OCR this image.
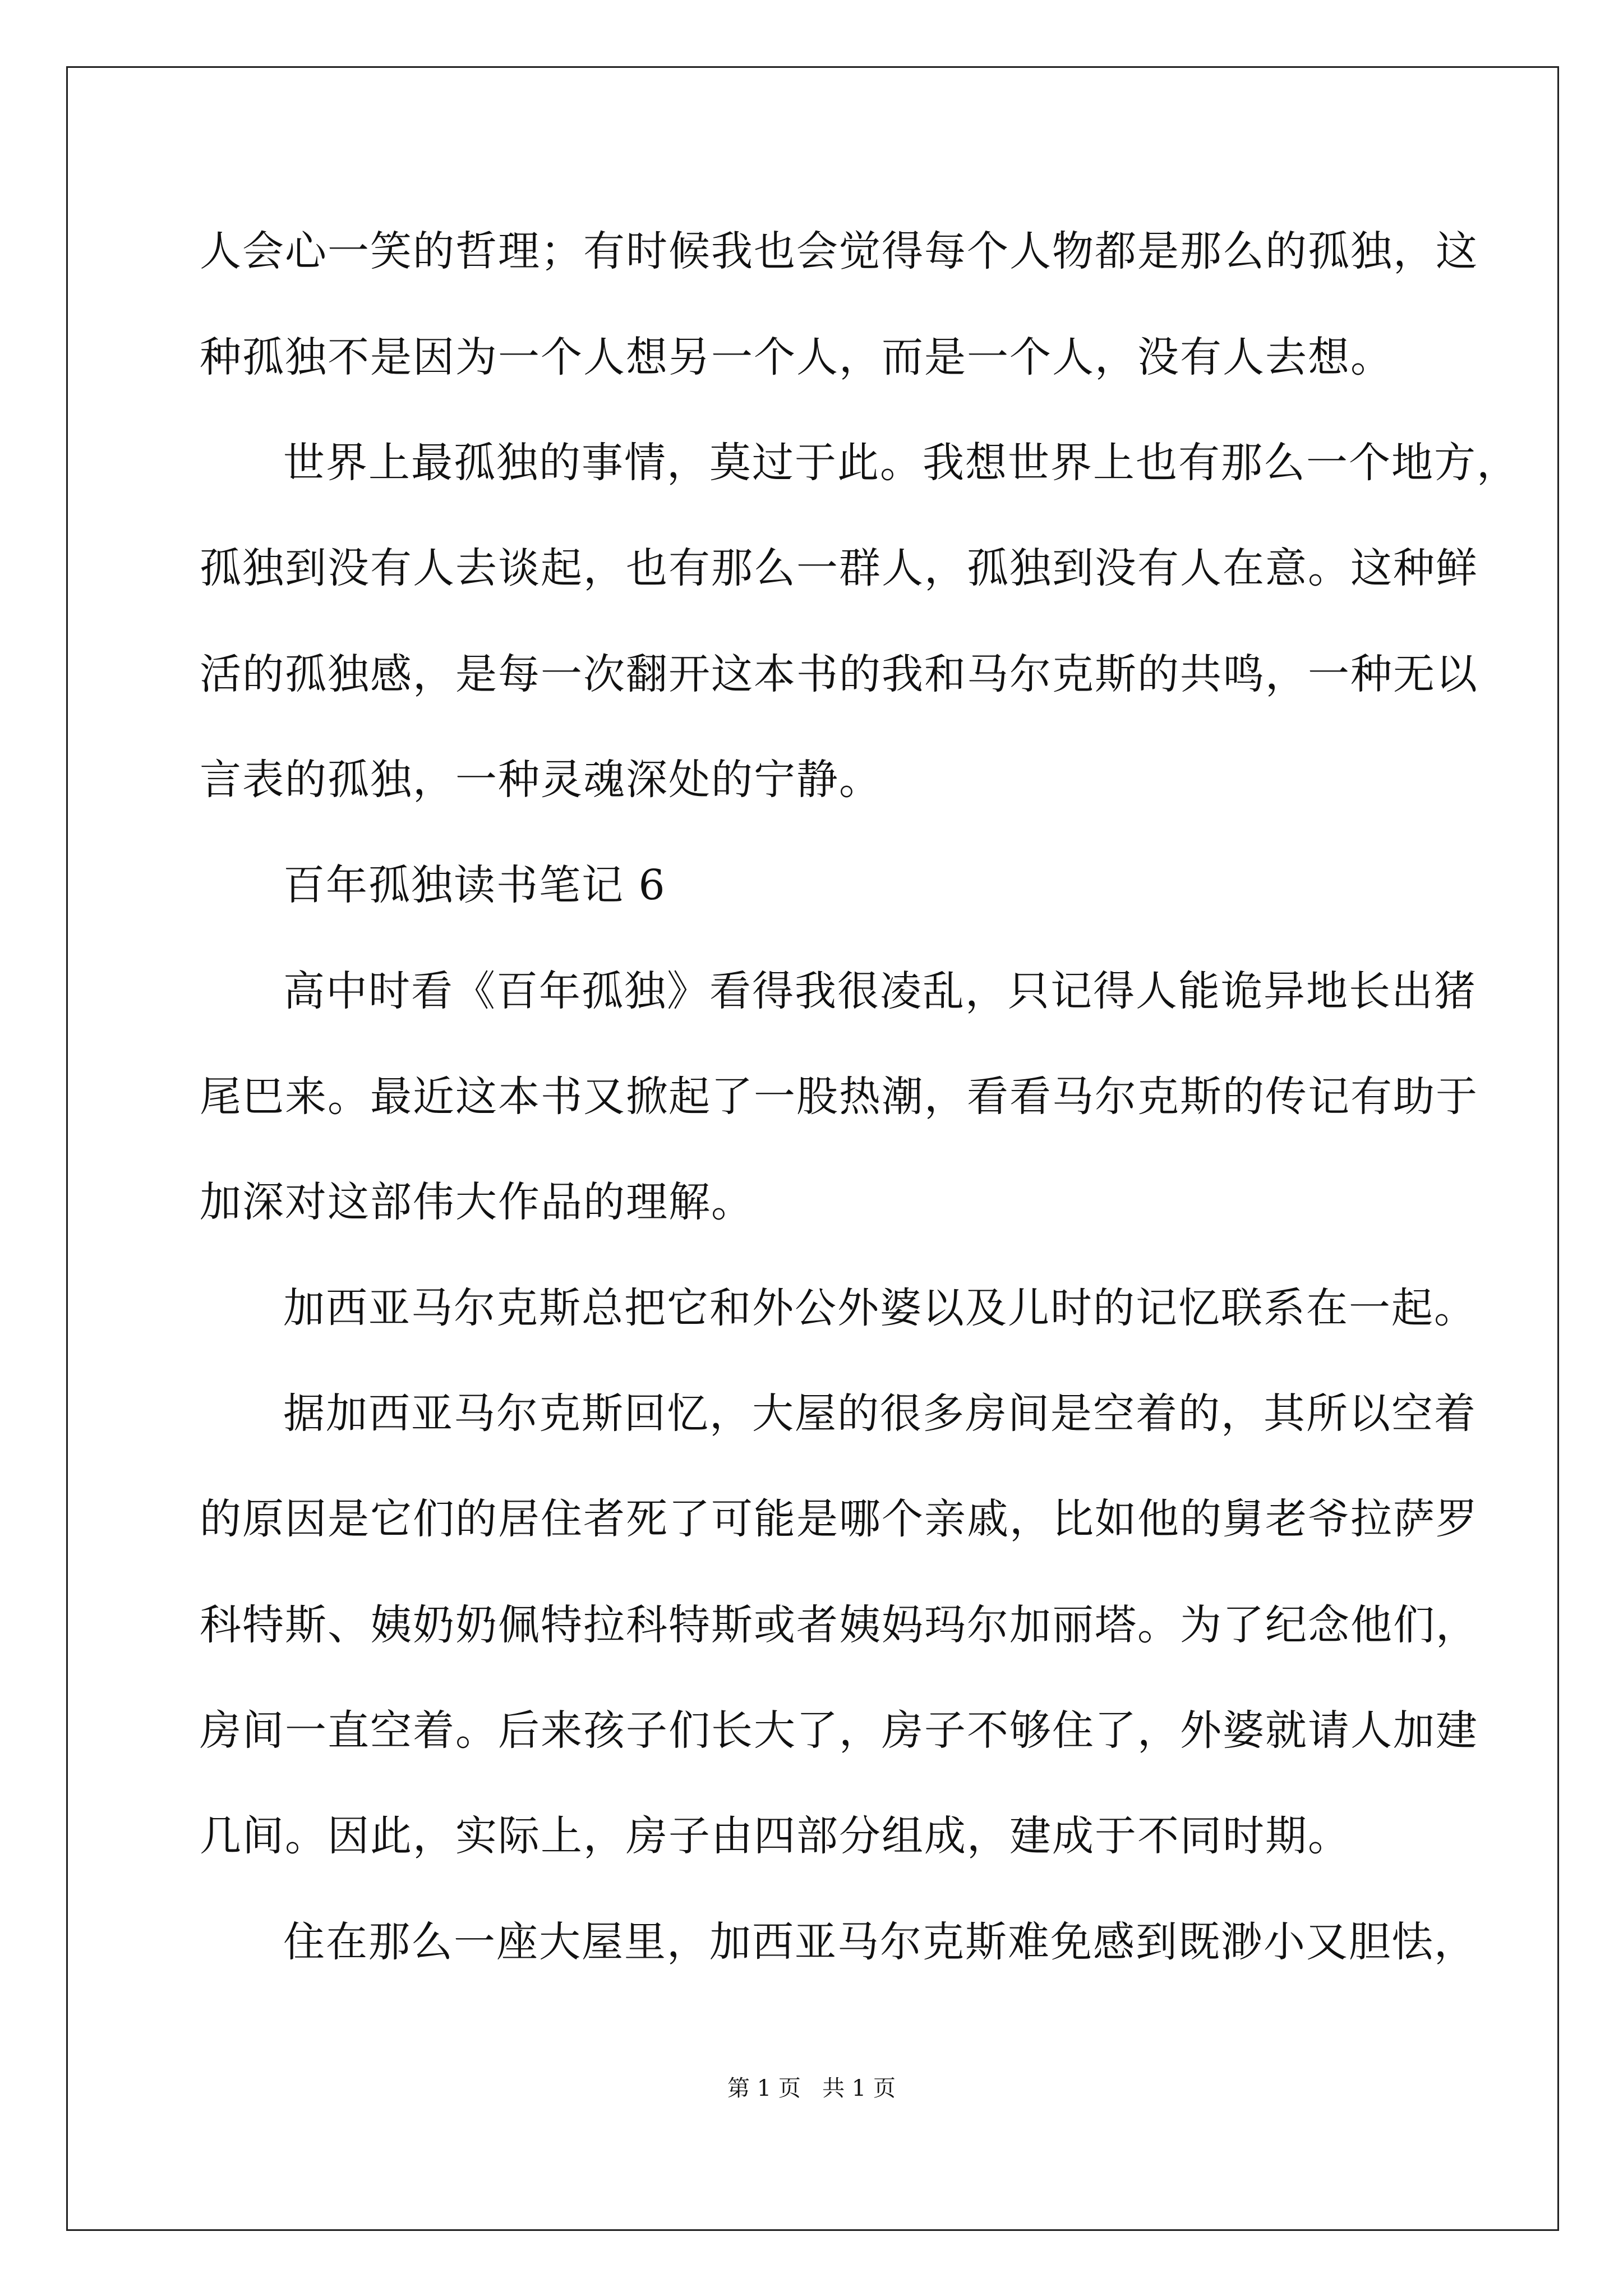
人会心一笑的哲理；有时候我也会觉得每个人物都是那么的孤独，这

种孤独不是因为一个人想另一个人，而是一个人，没有人去想。

世界上最孤独的事情，莫过于此。我想世界上也有那么一个地方，

孤独到没有人去谈起，也有那么一群人，孤独到没有人在意。这种鲜

活的孤独感，是每一次翻开这本书的我和马尔克斯的共鸣，一种无以

言表的孤独，一种灵魂深处的宁静。

百年孤独读书笔记 6

高中时看《百年孤独》看得我很凌乱，只记得人能诡异地长出猪

尾巴来。最近这本书又掀起了一股热潮，看看马尔克斯的传记有助于

加深对这部伟大作品的理解。

加西亚马尔克斯总把它和外公外婆以及儿时的记忆联系在一起。

据加西亚马尔克斯回忆，大屋的很多房间是空着的，其所以空着

的原因是它们的居住者死了可能是哪个亲戚，比如他的舅老爷拉萨罗

科特斯、姨奶奶佩特拉科特斯或者姨妈玛尔加丽塔。为了纪念他们，

房间一直空着。后来孩子们长大了，房子不够住了，外婆就请人加建

几间。因此，实际上，房子由四部分组成，建成于不同时期。

住在那么一座大屋里，加西亚马尔克斯难免感到既渺小又胆怯，

第 1 页   共 1 页
